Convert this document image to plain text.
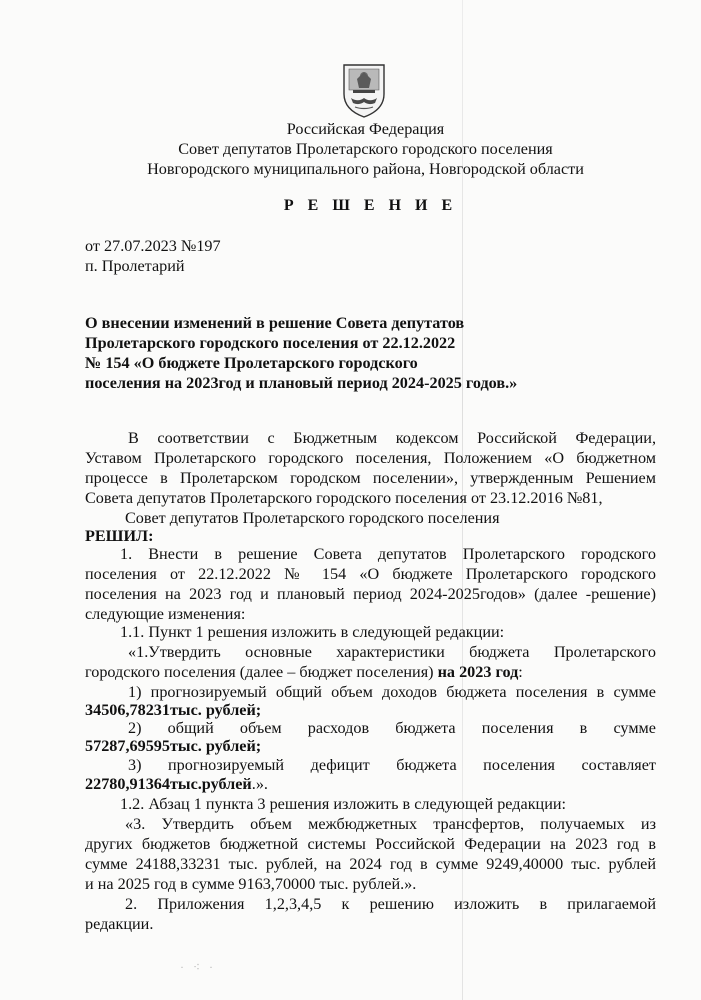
Российская Федерация
Совет депутатов Пролетарского городского поселения
Новгородского муниципального района, Новгородской области
Р Е Ш Е Н И Е
от 27.07.2023 №197
п. Пролетарий
О внесении изменений в решение Совета депутатов
Пролетарского городского поселения от 22.12.2022
№ 154 «О бюджете Пролетарского городского
поселения на 2023год и плановый период 2024-2025 годов.»
В соответствии с Бюджетным кодексом Российской Федерации,
Уставом Пролетарского городского поселения, Положением «О бюджетном
процессе в Пролетарском городском поселении», утвержденным Решением
Совета депутатов Пролетарского городского поселения от 23.12.2016 №81,
Совет депутатов Пролетарского городского поселения
РЕШИЛ:
1. Внести в решение Совета депутатов Пролетарского городского
поселения от 22.12.2022 № 154 «О бюджете Пролетарского городского
поселения на 2023 год и плановый период 2024-2025годов» (далее -решение)
следующие изменения:
1.1. Пункт 1 решения изложить в следующей редакции:
«1.Утвердить основные характеристики бюджета Пролетарского
городского поселения (далее – бюджет поселения) на 2023 год:
1) прогнозируемый общий объем доходов бюджета поселения в сумме
34506,78231тыс. рублей;
2) общий объем расходов бюджета поселения в сумме
57287,69595тыс. рублей;
3) прогнозируемый дефицит бюджета поселения составляет
22780,91364тыс.рублей.».
1.2. Абзац 1 пункта 3 решения изложить в следующей редакции:
«3. Утвердить объем межбюджетных трансфертов, получаемых из
других бюджетов бюджетной системы Российской Федерации на 2023 год в
сумме 24188,33231 тыс. рублей, на 2024 год в сумме 9249,40000 тыс. рублей
и на 2025 год в сумме 9163,70000 тыс. рублей.».
2. Приложения 1,2,3,4,5 к решению изложить в прилагаемой
редакции.
· ⁖ ·
